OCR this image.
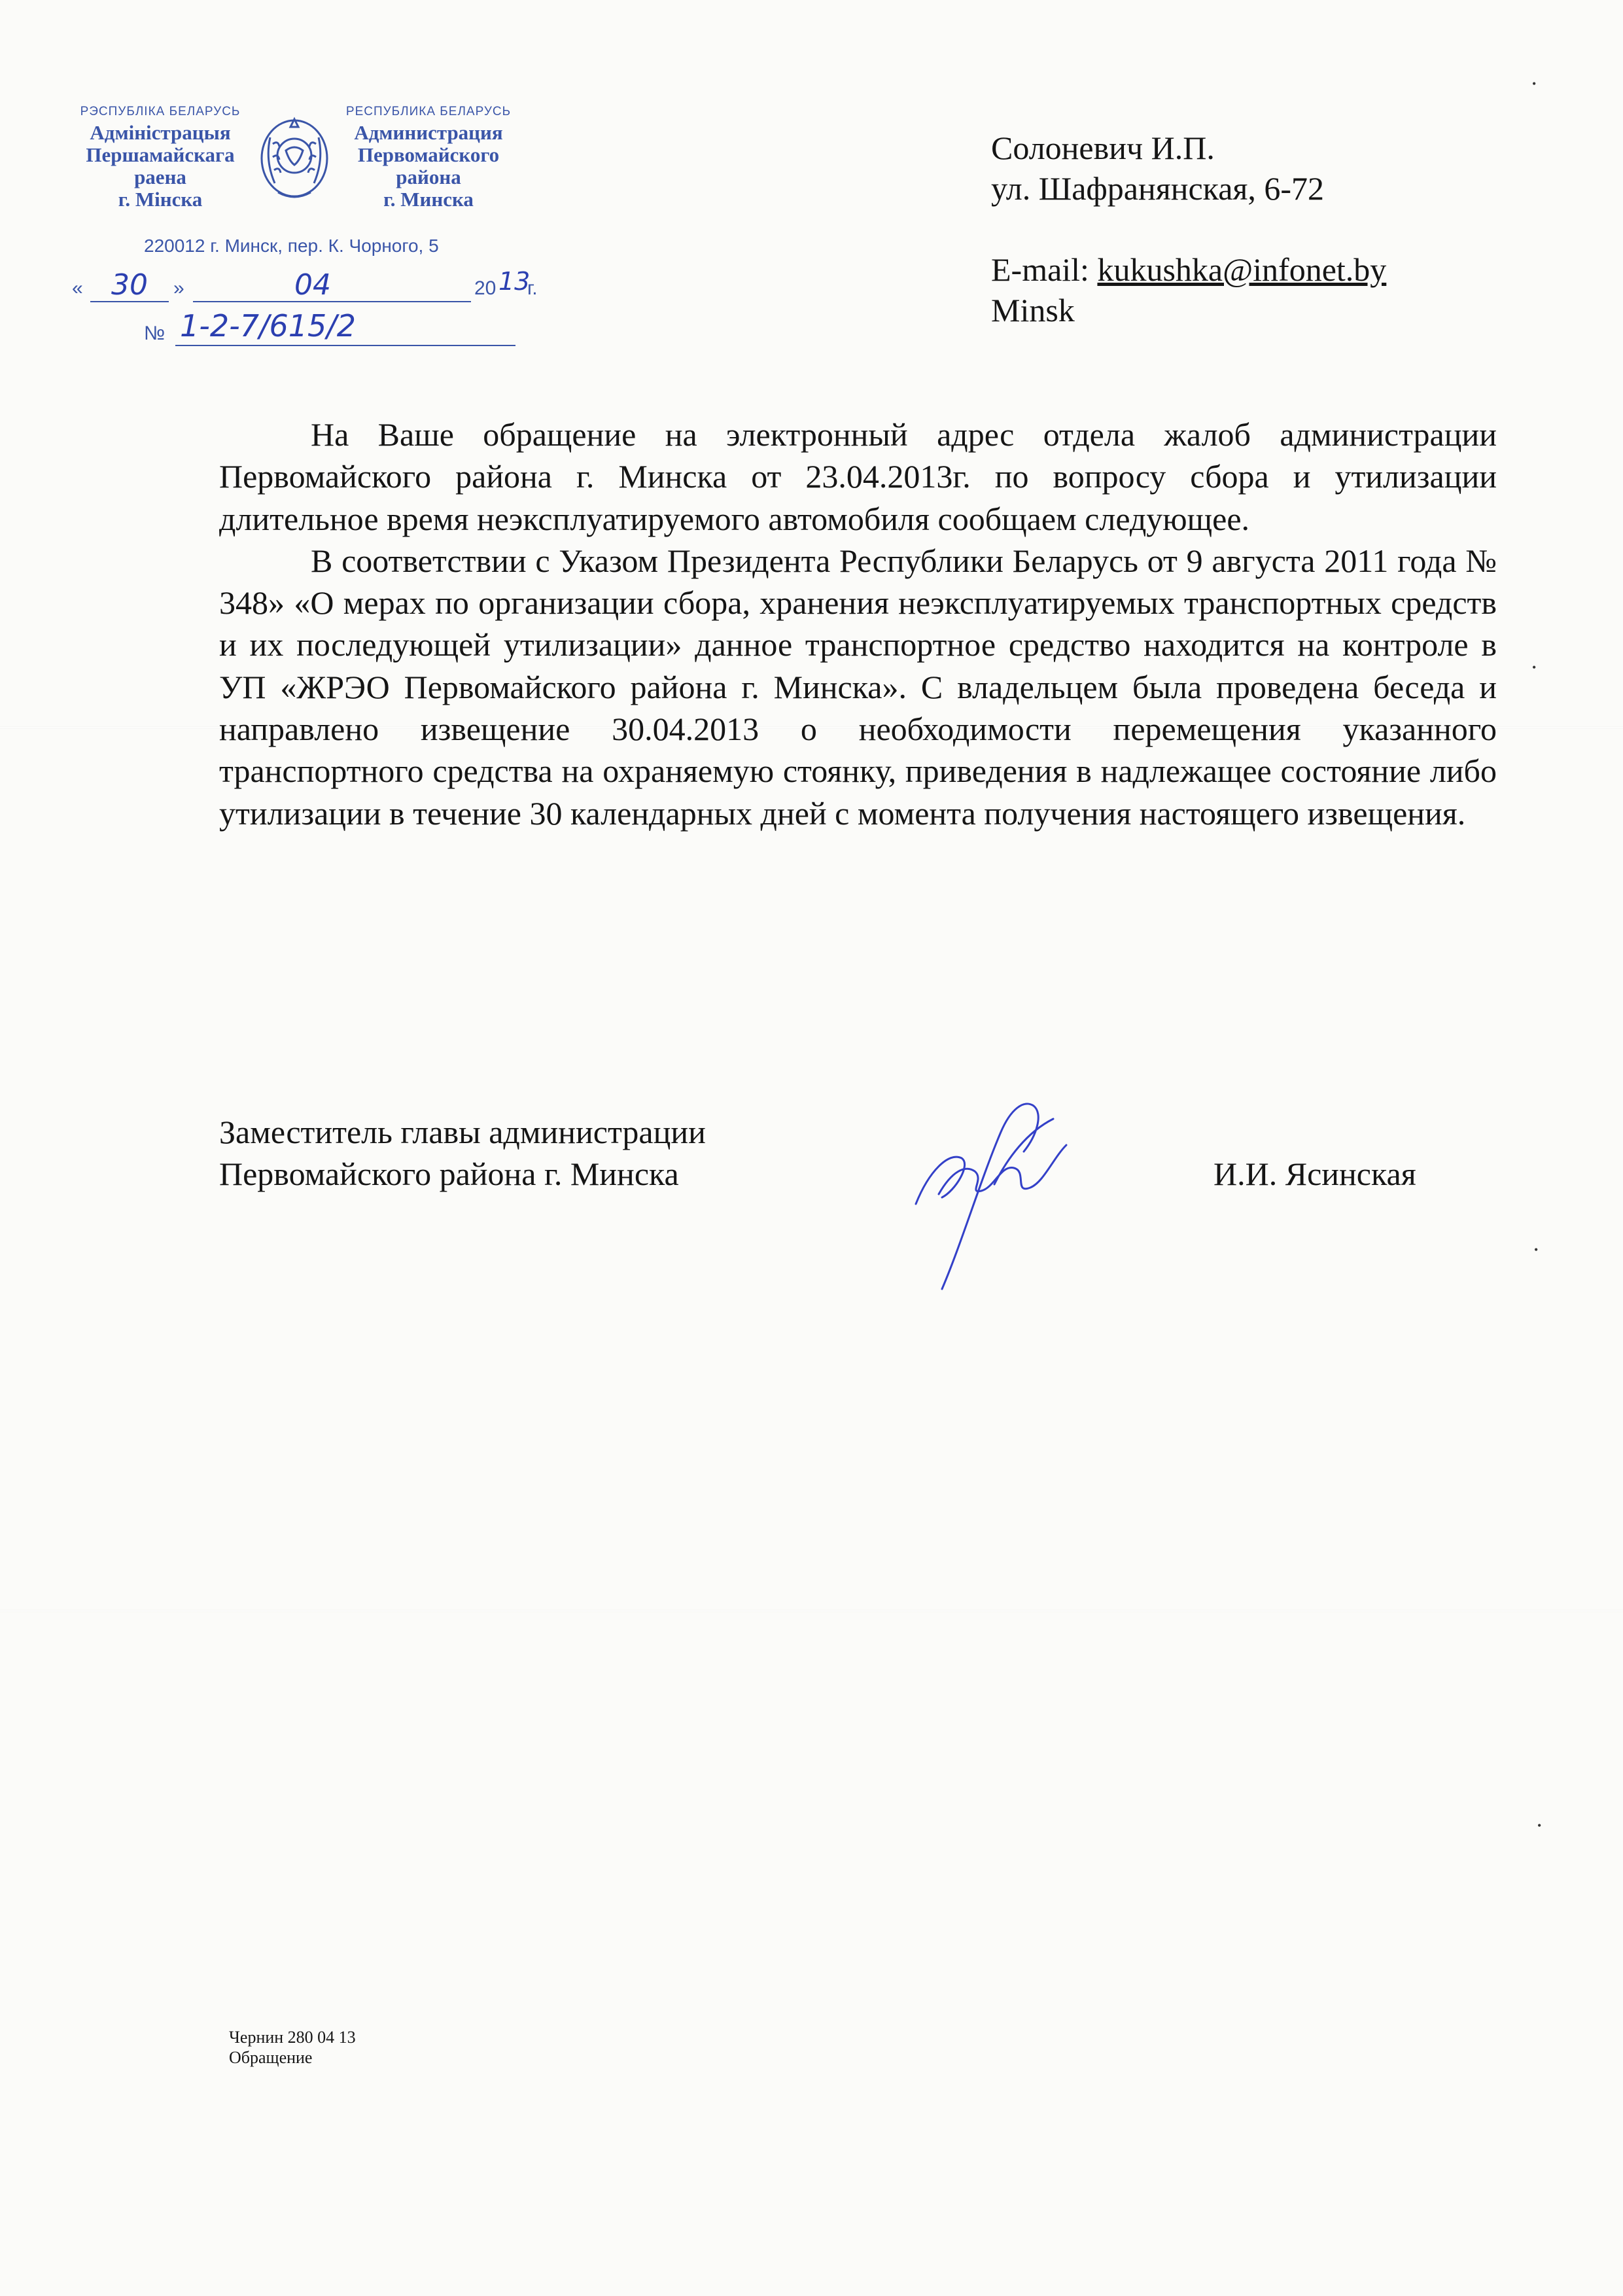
•
•
•
•
РЭСПУБЛІКА БЕЛАРУСЬ
Адміністрацыя
Першамайскага
раена
г. Мінска
РЕСПУБЛИКА БЕЛАРУСЬ
Администрация
Первомайского
района
г. Минска
220012 г. Минск, пер. К. Чорного, 5
« 30 »	04	20 13
г.
№ 1-2-7/615/2
Солоневич И.П.
ул. Шафранянская, 6-72
E-mail: kukushka@infonet.by
Minsk

На Ваше обращение на электронный адрес отдела жалоб администрации Первомайского района г. Минска от 23.04.2013г. по вопросу сбора и утилизации длительное время неэксплуатируемого автомобиля сообщаем следующее.

В соответствии с Указом Президента Республики Беларусь от 9 августа 2011 года № 348» «О мерах по организации сбора, хранения неэксплуатируемых транспортных средств и их последующей утилизации» данное транспортное средство находится на контроле в УП «ЖРЭО Первомайского района г. Минска». С владельцем была проведена беседа и направлено извещение 30.04.2013 о необходимости перемещения указанного транспортного средства на охраняемую стоянку, приведения в надлежащее состояние либо утилизации в течение 30 календарных дней с момента получения настоящего извещения.

Заместитель главы администрации
Первомайского района г. Минска	И.И. Ясинская
Чернин 280 04 13
Обращение
